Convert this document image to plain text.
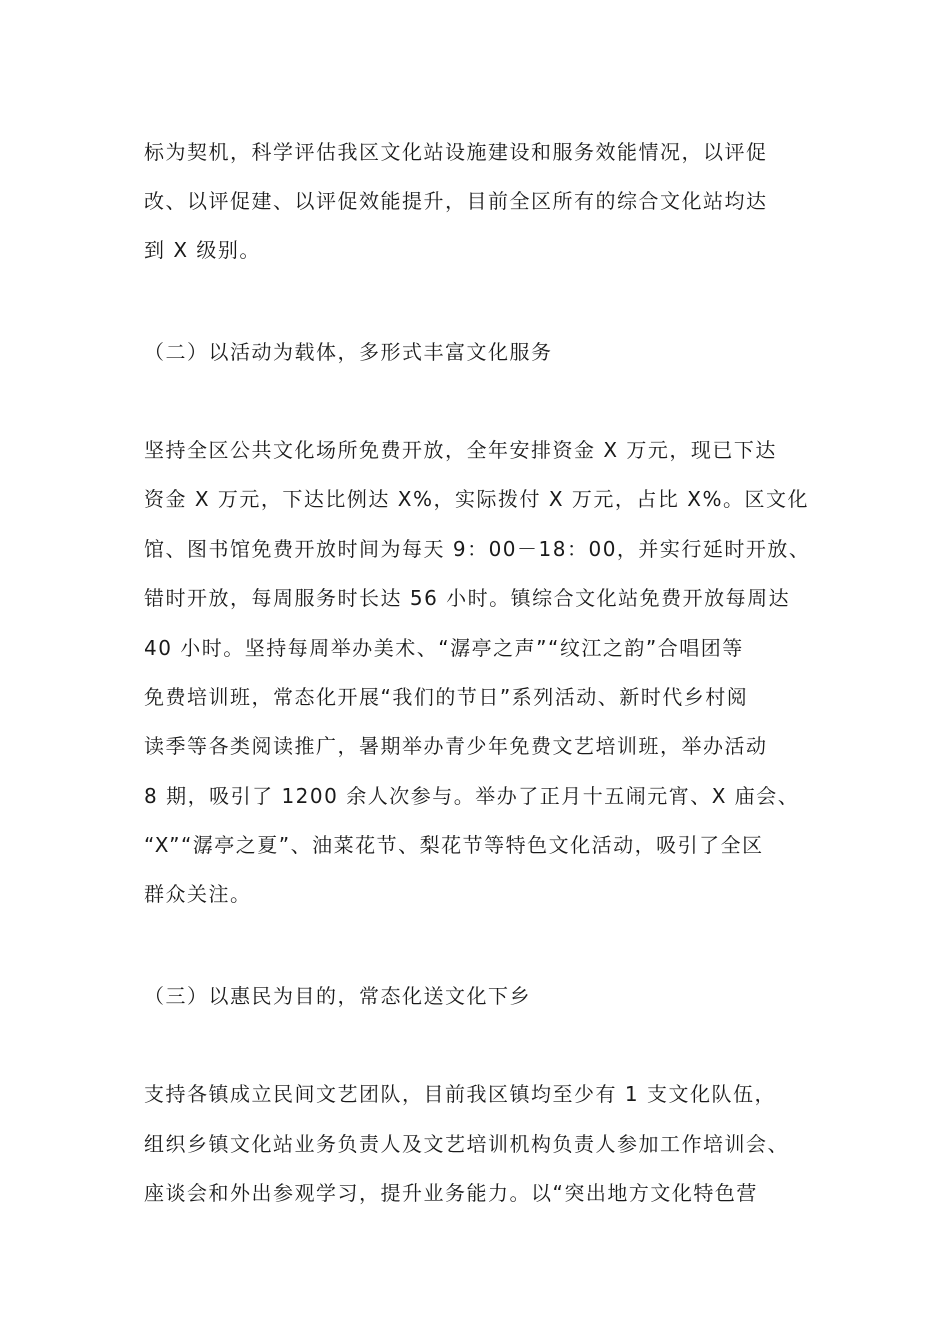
标为契机，科学评估我区文化站设施建设和服务效能情况，以评促
改、以评促建、以评促效能提升，目前全区所有的综合文化站均达
到 X 级别。
（二）以活动为载体，多形式丰富文化服务
坚持全区公共文化场所免费开放，全年安排资金 X 万元，现已下达
资金 X 万元，下达比例达 X%，实际拨付 X 万元，占比 X%。区文化
馆、图书馆免费开放时间为每天 9：00－18：00，并实行延时开放、
错时开放，每周服务时长达 56 小时。镇综合文化站免费开放每周达
40 小时。坚持每周举办美术、“潺亭之声”“纹江之韵”合唱团等
免费培训班，常态化开展“我们的节日”系列活动、新时代乡村阅
读季等各类阅读推广，暑期举办青少年免费文艺培训班，举办活动
8 期，吸引了 1200 余人次参与。举办了正月十五闹元宵、X 庙会、
“X”“潺亭之夏”、油菜花节、梨花节等特色文化活动，吸引了全区
群众关注。
（三）以惠民为目的，常态化送文化下乡
支持各镇成立民间文艺团队，目前我区镇均至少有 1 支文化队伍，
组织乡镇文化站业务负责人及文艺培训机构负责人参加工作培训会、
座谈会和外出参观学习，提升业务能力。以“突出地方文化特色营
